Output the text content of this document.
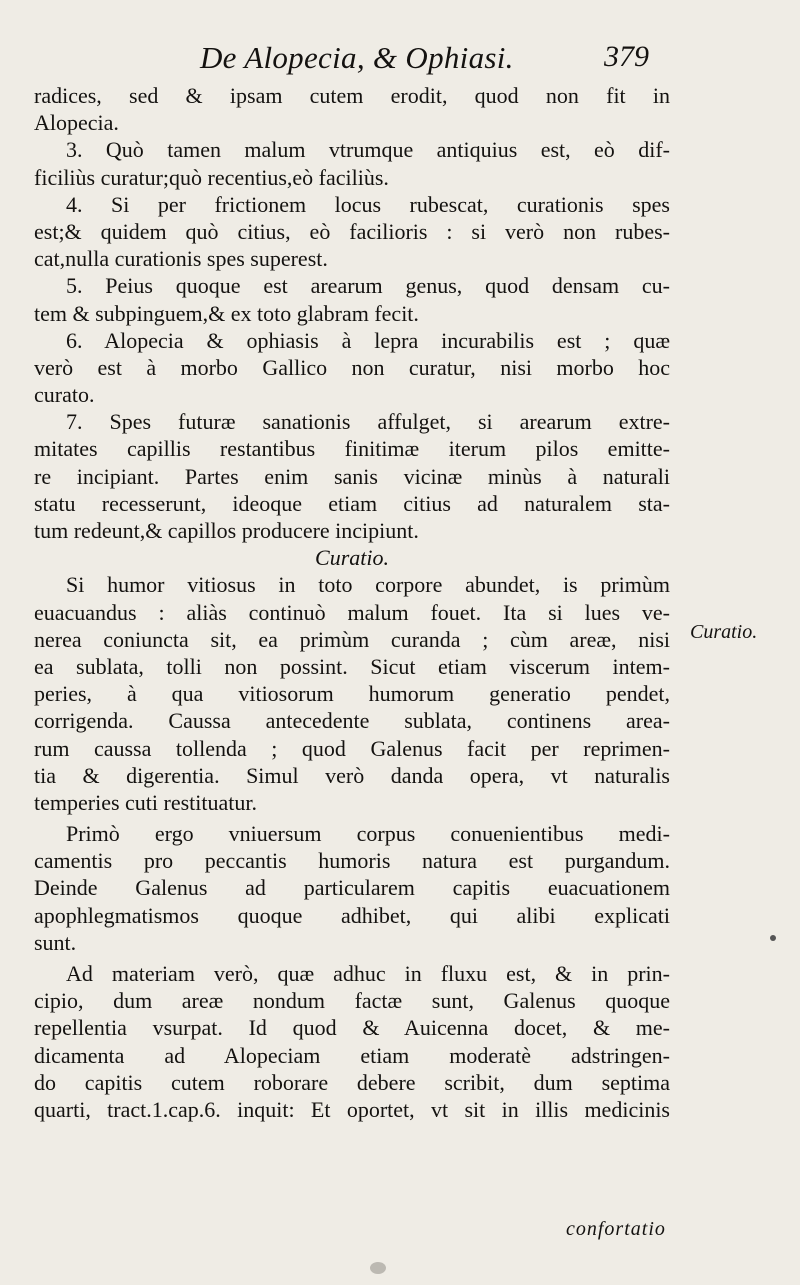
De Alopecia, & Ophiasi.	379
radices, sed & ipsam cutem erodit, quod non fit in
Alopecia.
3. Quò tamen malum vtrumque antiquius est, eò dif-
ficiliùs curatur;quò recentius,eò faciliùs.
4. Si per frictionem locus rubescat, curationis spes
est;& quidem quò citius, eò facilioris : si verò non rubes-
cat,nulla curationis spes superest.
5. Peius quoque est arearum genus, quod densam cu-
tem & subpinguem,& ex toto glabram fecit.
6. Alopecia & ophiasis à lepra incurabilis est ; quæ
verò est à morbo Gallico non curatur, nisi morbo hoc
curato.
7. Spes futuræ sanationis affulget, si arearum extre-
mitates capillis restantibus finitimæ iterum pilos emitte-
re incipiant. Partes enim sanis vicinæ minùs à naturali
statu recesserunt, ideoque etiam citius ad naturalem sta-
tum redeunt,& capillos producere incipiunt.
Curatio.
Si humor vitiosus in toto corpore abundet, is primùm
euacuandus : aliàs continuò malum fouet. Ita si lues ve-
nerea coniuncta sit, ea primùm curanda ; cùm areæ, nisi
ea sublata, tolli non possint. Sicut etiam viscerum intem-
peries, à qua vitiosorum humorum generatio pendet,
corrigenda. Caussa antecedente sublata, continens area-
rum caussa tollenda ; quod Galenus facit per reprimen-
tia & digerentia. Simul verò danda opera, vt naturalis
temperies cuti restituatur.
Primò ergo vniuersum corpus conuenientibus medi-
camentis pro peccantis humoris natura est purgandum.
Deinde Galenus ad particularem capitis euacuationem
apophlegmatismos quoque adhibet, qui alibi explicati
sunt.
Ad materiam verò, quæ adhuc in fluxu est, & in prin-
cipio, dum areæ nondum factæ sunt, Galenus quoque
repellentia vsurpat. Id quod & Auicenna docet, & me-
dicamenta ad Alopeciam etiam moderatè adstringen-
do capitis cutem roborare debere scribit, dum septima
quarti, tract.1.cap.6. inquit: Et oportet, vt sit in illis medicinis
Curatio.
confortatio
